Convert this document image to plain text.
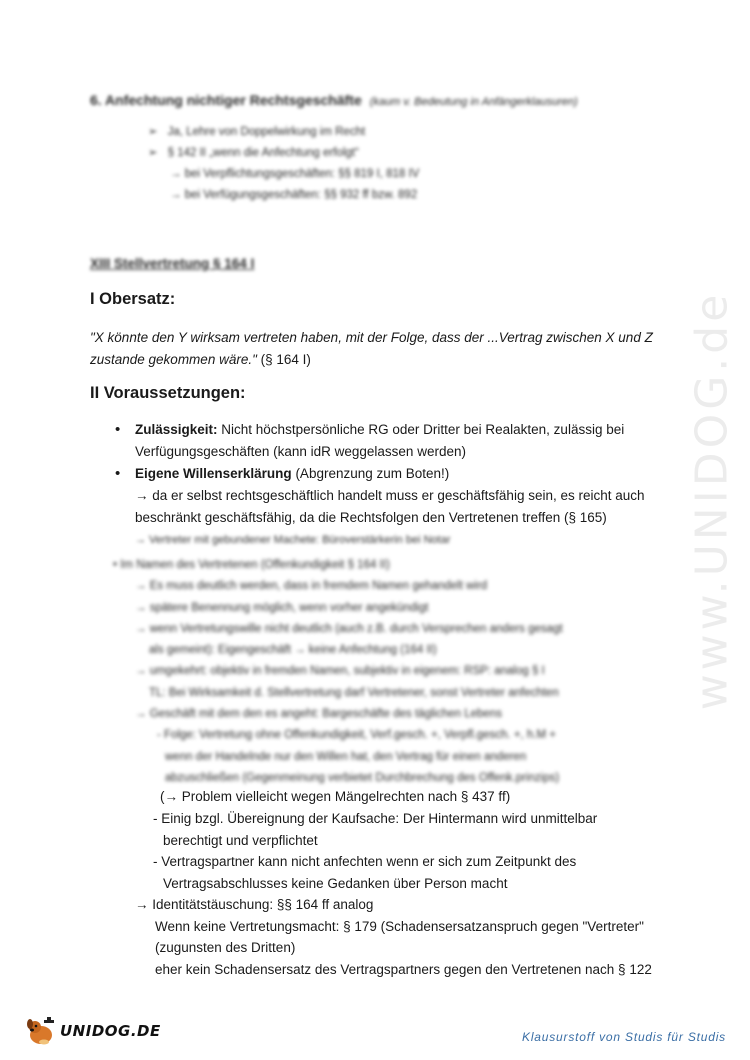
www.UNIDOG.de
6. Anfechtung nichtiger Rechtsgeschäfte (kaum v. Bedeutung in Anfängerklausuren)
➢ Ja, Lehre von Doppelwirkung im Recht
➢ § 142 II „wenn die Anfechtung erfolgt“
→ bei Verpflichtungsgeschäften: §§ 819 I, 818 IV
→ bei Verfügungsgeschäften: §§ 932 ff bzw. 892
XIII Stellvertretung § 164 I
I Obersatz:
"X könnte den Y wirksam vertreten haben, mit der Folge, dass der ...Vertrag zwischen X und Z zustande gekommen wäre." (§ 164 I)
II Voraussetzungen:
• Zulässigkeit: Nicht höchstpersönliche RG oder Dritter bei Realakten, zulässig bei
Verfügungsgeschäften (kann idR weggelassen werden)
• Eigene Willenserklärung (Abgrenzung zum Boten!)
→ da er selbst rechtsgeschäftlich handelt muss er geschäftsfähig sein, es reicht auch
beschränkt geschäftsfähig, da die Rechtsfolgen den Vertretenen treffen (§ 165)
→ Vertreter mit gebundener Machete: Büroverstärkerin bei Notar
• Im Namen des Vertretenen (Offenkundigkeit § 164 II)
→ Es muss deutlich werden, dass in fremdem Namen gehandelt wird
→ spätere Benennung möglich, wenn vorher angekündigt
→ wenn Vertretungswille nicht deutlich (auch z.B. durch Versprechen anders gesagt
als gemeint): Eigengeschäft → keine Anfechtung (164 II)
→ umgekehrt: objektiv in fremden Namen, subjektiv in eigenem: RSP: analog § I
TL: Bei Wirksamkeit d. Stellvertretung darf Vertretener, sonst Vertreter anfechten
→ Geschäft mit dem den es angeht: Bargeschäfte des täglichen Lebens
- Folge: Vertretung ohne Offenkundigkeit, Verf.gesch. +, Verpfl.gesch. +, h.M +
wenn der Handelnde nur den Willen hat, den Vertrag für einen anderen
abzuschließen (Gegenmeinung verbietet Durchbrechung des Offenk.prinzips)
(→ Problem vielleicht wegen Mängelrechten nach § 437 ff)
- Einig bzgl. Übereignung der Kaufsache: Der Hintermann wird unmittelbar
berechtigt und verpflichtet
- Vertragspartner kann nicht anfechten wenn er sich zum Zeitpunkt des
Vertragsabschlusses keine Gedanken über Person macht
→ Identitätstäuschung: §§ 164 ff analog
Wenn keine Vertretungsmacht: § 179 (Schadensersatzanspruch gegen "Vertreter"
(zugunsten des Dritten)
eher kein Schadensersatz des Vertragspartners gegen den Vertretenen nach § 122
UNIDOG.DE	Klausurstoff von Studis für Studis
